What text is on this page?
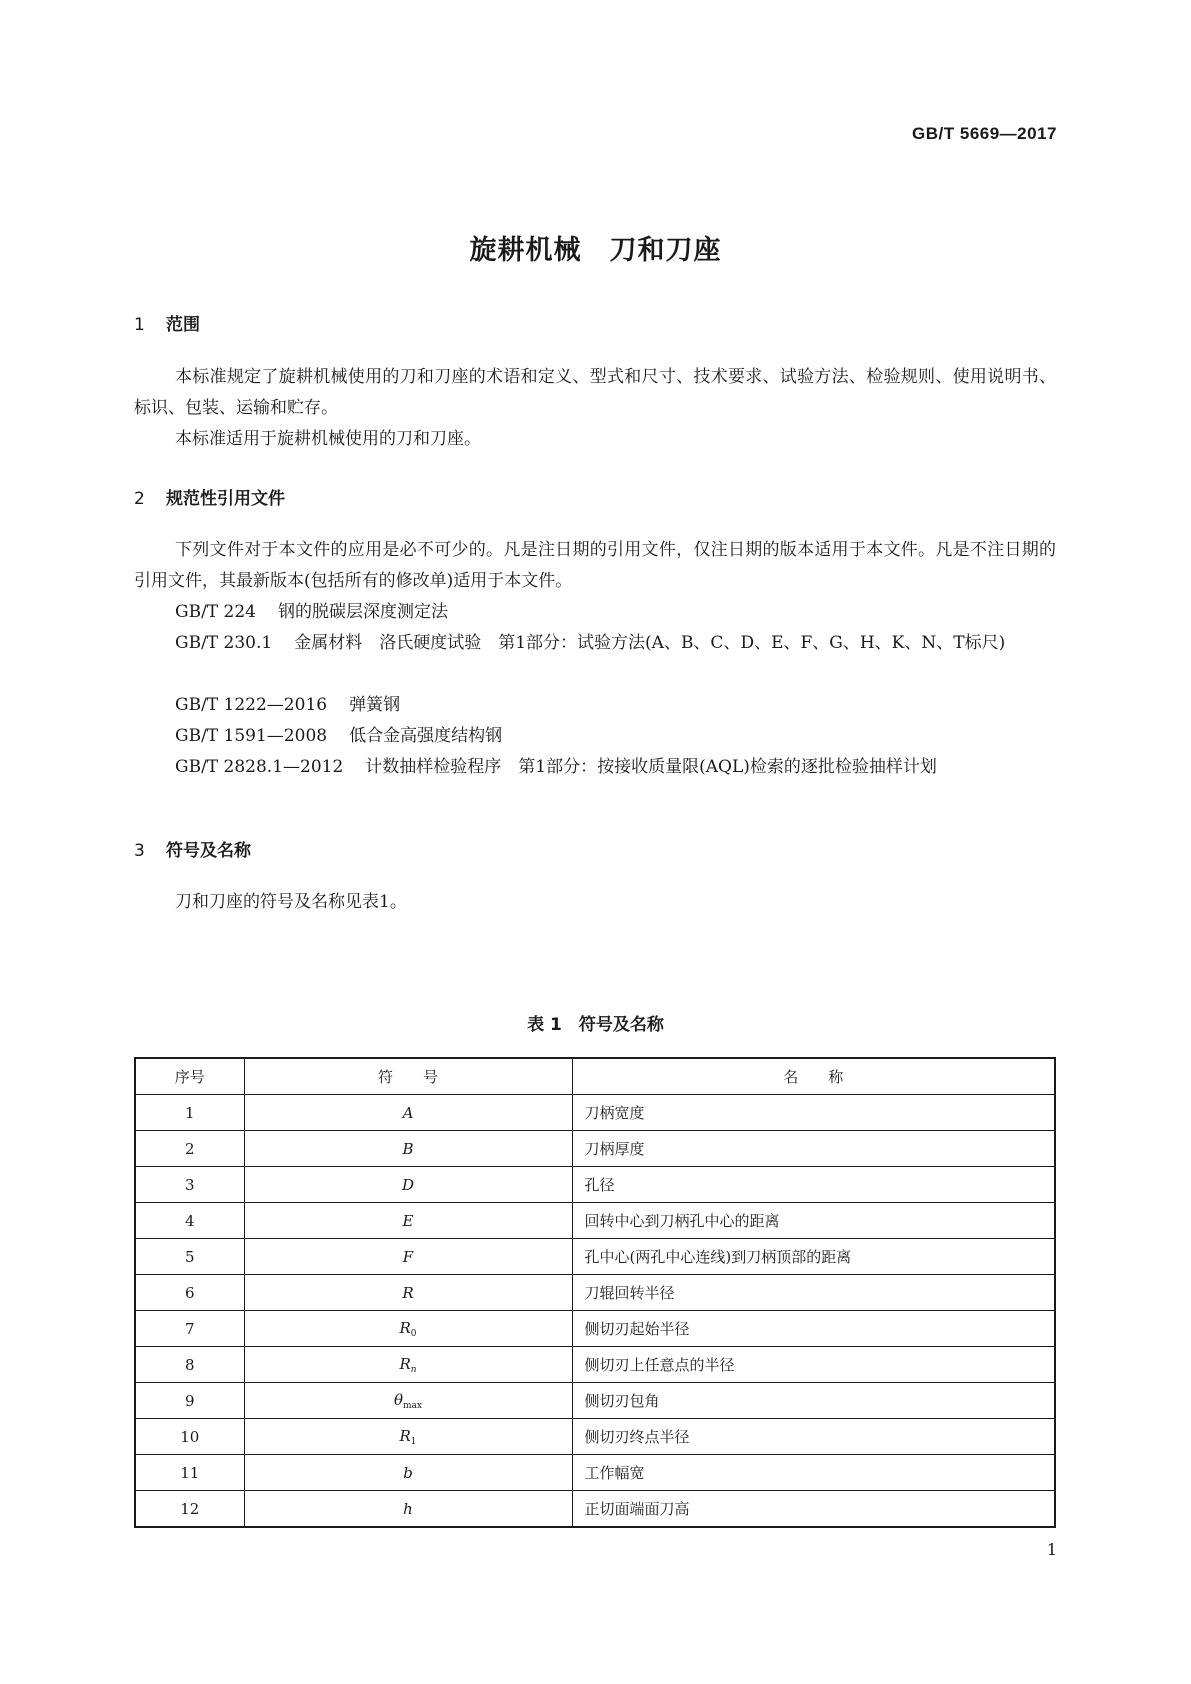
GB/T 5669—2017
旋耕机械　刀和刀座
1 范围
本标准规定了旋耕机械使用的刀和刀座的术语和定义、型式和尺寸、技术要求、试验方法、检验规则、使用说明书、标识、包装、运输和贮存。
本标准适用于旋耕机械使用的刀和刀座。
2 规范性引用文件
下列文件对于本文件的应用是必不可少的。凡是注日期的引用文件，仅注日期的版本适用于本文件。凡是不注日期的引用文件，其最新版本(包括所有的修改单)适用于本文件。
GB/T 224 钢的脱碳层深度测定法
GB/T 230.1 金属材料　洛氏硬度试验　第1部分：试验方法(A、B、C、D、E、F、G、H、K、N、T标尺)
GB/T 1222—2016 弹簧钢
GB/T 1591—2008 低合金高强度结构钢
GB/T 2828.1—2012 计数抽样检验程序　第1部分：按接收质量限(AQL)检索的逐批检验抽样计划
3 符号及名称
刀和刀座的符号及名称见表1。
表 1　符号及名称
序号	符　　号	名　　称
1	A	刀柄宽度
2	B	刀柄厚度
3	D	孔径
4	E	回转中心到刀柄孔中心的距离
5	F	孔中心(两孔中心连线)到刀柄顶部的距离
6	R	刀辊回转半径
7	$R_0$	侧切刃起始半径
8	$R_n$	侧切刃上任意点的半径
9	$\theta_{max}$	侧切刃包角
10	$R_1$	侧切刃终点半径
11	b	工作幅宽
12	h	正切面端面刀高
1
